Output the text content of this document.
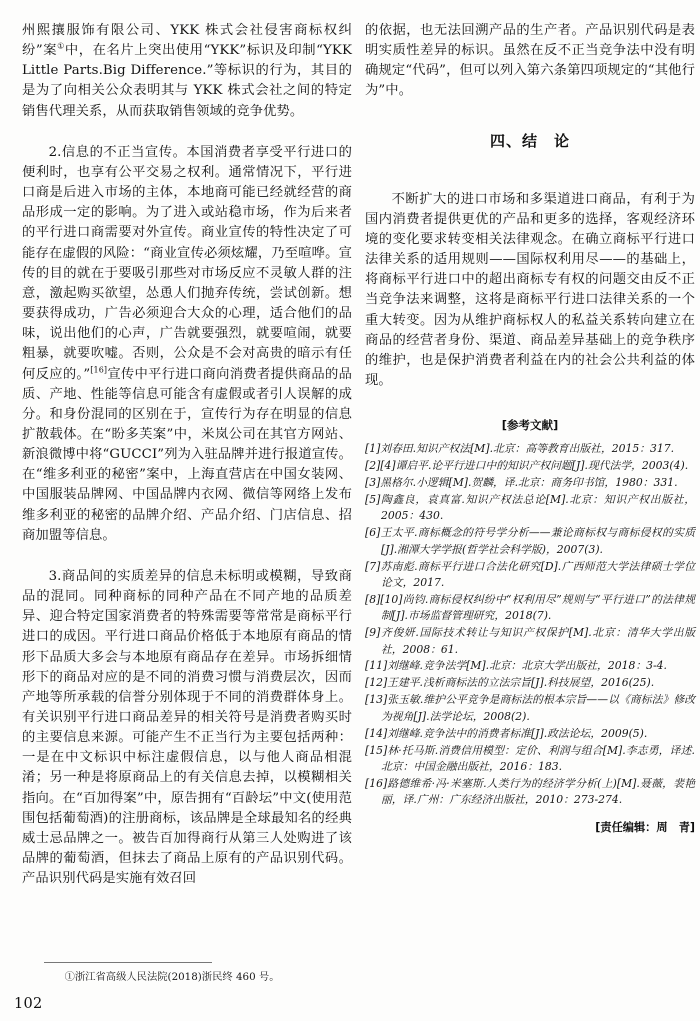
州熙攘服饰有限公司、YKK 株式会社侵害商标权纠纷”案①中，在名片上突出使用“YKK”标识及印制“YKK Little Parts.Big Difference.”等标识的行为，其目的是为了向相关公众表明其与 YKK 株式会社之间的特定销售代理关系，从而获取销售领域的竞争优势。

2.信息的不正当宣传。本国消费者享受平行进口的便利时，也享有公平交易之权利。通常情况下，平行进口商是后进入市场的主体，本地商可能已经就经营的商品形成一定的影响。为了进入或站稳市场，作为后来者的平行进口商需要对外宣传。商业宣传的特性决定了可能存在虚假的风险：“商业宣传必须炫耀，乃至喧哗。宣传的目的就在于要吸引那些对市场反应不灵敏人群的注意，激起购买欲望，怂恿人们抛弃传统，尝试创新。想要获得成功，广告必须迎合大众的心理，适合他们的品味，说出他们的心声，广告就要强烈，就要喧闹，就要粗暴，就要吹嘘。否则，公众是不会对高贵的暗示有任何反应的。”[16]宣传中平行进口商向消费者提供商品的品质、产地、性能等信息可能含有虚假或者引人误解的成分。和身份混同的区别在于，宣传行为存在明显的信息扩散载体。在“盼多芙案”中，米岚公司在其官方网站、新浪微博中将“GUCCI”列为入驻品牌并进行报道宣传。在“维多利亚的秘密”案中，上海直营店在中国女装网、中国服装品牌网、中国品牌内衣网、微信等网络上发布维多利亚的秘密的品牌介绍、产品介绍、门店信息、招商加盟等信息。

3.商品间的实质差异的信息未标明或模糊，导致商品的混同。同种商标的同种产品在不同产地的品质差异、迎合特定国家消费者的特殊需要等常常是商标平行进口的成因。平行进口商品价格低于本地原有商品的情形下品质大多会与本地原有商品存在差异。市场拆细情形下的商品对应的是不同的消费习惯与消费层次，因而产地等所承载的信誉分别体现于不同的消费群体身上。有关识别平行进口商品差异的相关符号是消费者购买时的主要信息来源。可能产生不正当行为主要包括两种：一是在中文标识中标注虚假信息，以与他人商品相混淆；另一种是将原商品上的有关信息去掉，以模糊相关指向。在“百加得案”中，原告拥有“百龄坛”中文(使用范围包括葡萄酒)的注册商标，该品牌是全球最知名的经典威士忌品牌之一。被告百加得商行从第三人处购进了该品牌的葡萄酒，但抹去了商品上原有的产品识别代码。产品识别代码是实施有效召回

①浙江省高级人民法院(2018)浙民终 460 号。

的依据，也无法回溯产品的生产者。产品识别代码是表明实质性差异的标识。虽然在反不正当竞争法中没有明确规定“代码”，但可以列入第六条第四项规定的“其他行为”中。

四、结　论

不断扩大的进口市场和多渠道进口商品，有利于为国内消费者提供更优的产品和更多的选择，客观经济环境的变化要求转变相关法律观念。在确立商标平行进口法律关系的适用规则——国际权利用尽——的基础上，将商标平行进口中的超出商标专有权的问题交由反不正当竞争法来调整，这将是商标平行进口法律关系的一个重大转变。因为从维护商标权人的私益关系转向建立在商品的经营者身份、渠道、商品差异基础上的竞争秩序的维护，也是保护消费者利益在内的社会公共利益的体现。

[参考文献]
[1]刘春田.知识产权法[M].北京：高等教育出版社，2015：317.
[2][4]谭启平.论平行进口中的知识产权问题[J].现代法学，2003(4).
[3]黑格尔.小逻辑[M].贺麟，译.北京：商务印书馆，1980：331.
[5]陶鑫良，袁真富.知识产权法总论[M].北京：知识产权出版社，2005：430.
[6]王太平.商标概念的符号学分析——兼论商标权与商标侵权的实质[J].湘潭大学学报(哲学社会科学版)，2007(3).
[7]苏南彪.商标平行进口合法化研究[D].广西师范大学法律硕士学位论文，2017.
[8][10]尚钧.商标侵权纠纷中“权利用尽”规则与“平行进口”的法律规制[J].市场监督管理研究，2018(7).
[9]齐俊妍.国际技术转让与知识产权保护[M].北京：清华大学出版社，2008：61.
[11]刘继峰.竞争法学[M].北京：北京大学出版社，2018：3-4.
[12]王建平.浅析商标法的立法宗旨[J].科技展望，2016(25).
[13]张玉敏.维护公平竞争是商标法的根本宗旨——以《商标法》修改为视角[J].法学论坛，2008(2).
[14]刘继峰.竞争法中的消费者标准[J].政法论坛，2009(5).
[15]林·托马斯.消费信用模型：定价、利润与组合[M].李志勇，译述.北京：中国金融出版社，2016：183.
[16]路德维希·冯·米塞斯.人类行为的经济学分析(上)[M].聂薇，裴艳丽，译.广州：广东经济出版社，2010：273-274.
[责任编辑：周　青]
102
